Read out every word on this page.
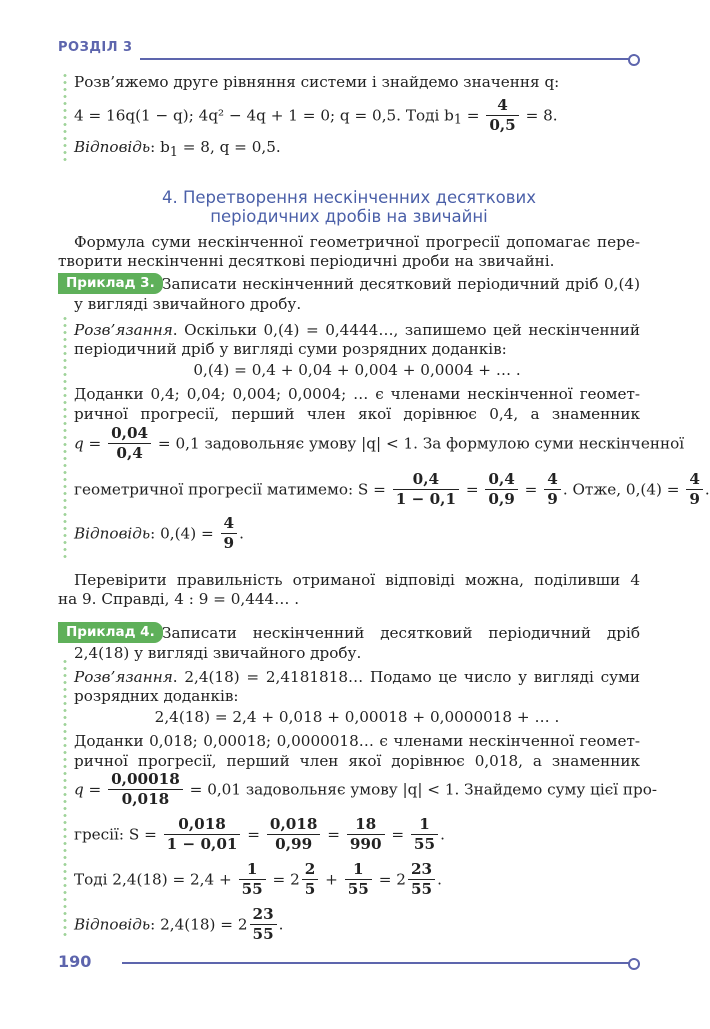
РОЗДІЛ 3
Розв’яжемо друге рівняння системи і знайдемо значення q:
4 = 16q(1 − q); 4q² − 4q + 1 = 0; q = 0,5. Тоді $b_1 = \frac{4}{0,5} = 8$.
Відповідь: $b_1 = 8$, q = 0,5.
4. Перетворення нескінченних десяткових
періодичних дробів на звичайні
Формула суми нескінченної геометричної прогресії допомагає пере-
творити нескінченні десяткові періодичні дроби на звичайні.
Приклад 3. Записати нескінченний десятковий періодичний дріб 0,(4)
у вигляді звичайного дробу.
Розв’язання. Оскільки 0,(4) = 0,4444…, запишемо цей нескінченний
періодичний дріб у вигляді суми розрядних доданків:
0,(4) = 0,4 + 0,04 + 0,004 + 0,0004 + … .
Доданки 0,4; 0,04; 0,004; 0,0004; … є членами нескінченної геомет-
ричної прогресії, перший член якої дорівнює 0,4, а знаменник
$q = \frac{0,04}{0,4} = 0,1$ задовольняє умову |q| < 1. За формулою суми нескінченної
геометричної прогресії матимемо: $S = \frac{0,4}{1 - 0,1} = \frac{0,4}{0,9} = \frac{4}{9}$ . Отже, $0,(4) = \frac{4}{9}$ .
Відповідь: $0,(4) = \frac{4}{9}$ .
Перевірити правильність отриманої відповіді можна, поділивши 4
на 9. Справді, 4 : 9 = 0,444… .
Приклад 4. Записати нескінченний десятковий періодичний дріб
2,4(18) у вигляді звичайного дробу.
Розв’язання. 2,4(18) = 2,4181818… Подамо це число у вигляді суми
розрядних доданків:
2,4(18) = 2,4 + 0,018 + 0,00018 + 0,0000018 + … .
Доданки 0,018; 0,00018; 0,0000018… є членами нескінченної геомет-
ричної прогресії, перший член якої дорівнює 0,018, а знаменник
$q = \frac{0,00018}{0,018} = 0,01$ задовольняє умову |q| < 1. Знайдемо суму цієї про-
гресії: $S = \frac{0,018}{1 - 0,01} = \frac{0,018}{0,99} = \frac{18}{990} = \frac{1}{55}$ .
Тоді $2,4(18) = 2,4 + \frac{1}{55} = 2 \frac{2}{5} + \frac{1}{55} = 2 \frac{23}{55}$ .
Відповідь: $2,4(18) = 2 \frac{23}{55}$ .
190
